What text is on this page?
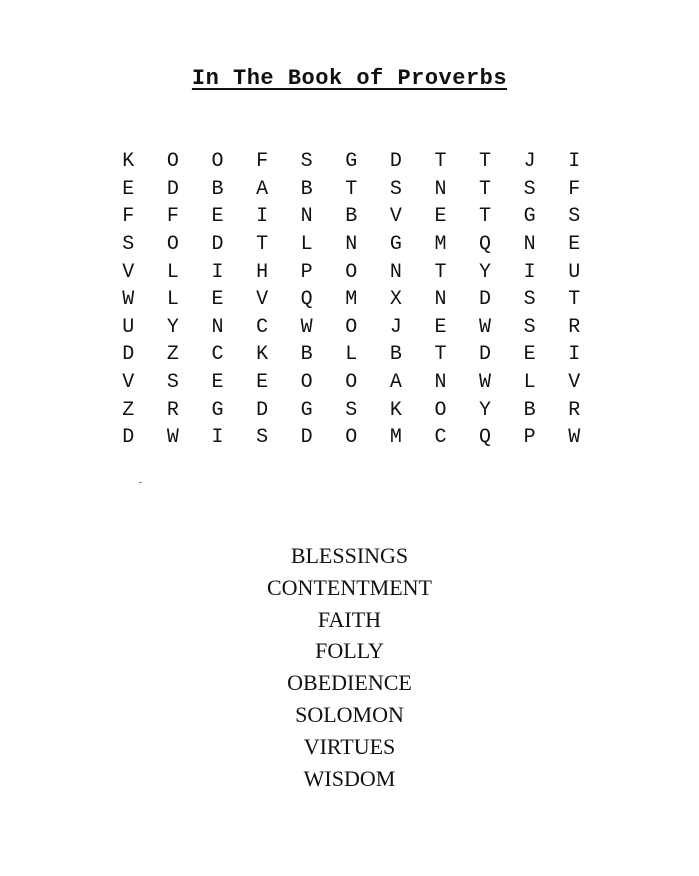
In The Book of Proverbs
K	O	O	F	S	G	D	T	T	J	I
E	D	B	A	B	T	S	N	T	S	F
F	F	E	I	N	B	V	E	T	G	S
S	O	D	T	L	N	G	M	Q	N	E
V	L	I	H	P	O	N	T	Y	I	U
W	L	E	V	Q	M	X	N	D	S	T
U	Y	N	C	W	O	J	E	W	S	R
D	Z	C	K	B	L	B	T	D	E	I
V	S	E	E	O	O	A	N	W	L	V
Z	R	G	D	G	S	K	O	Y	B	R
D	W	I	S	D	O	M	C	Q	P	W
BLESSINGS
CONTENTMENT
FAITH
FOLLY
OBEDIENCE
SOLOMON
VIRTUES
WISDOM
